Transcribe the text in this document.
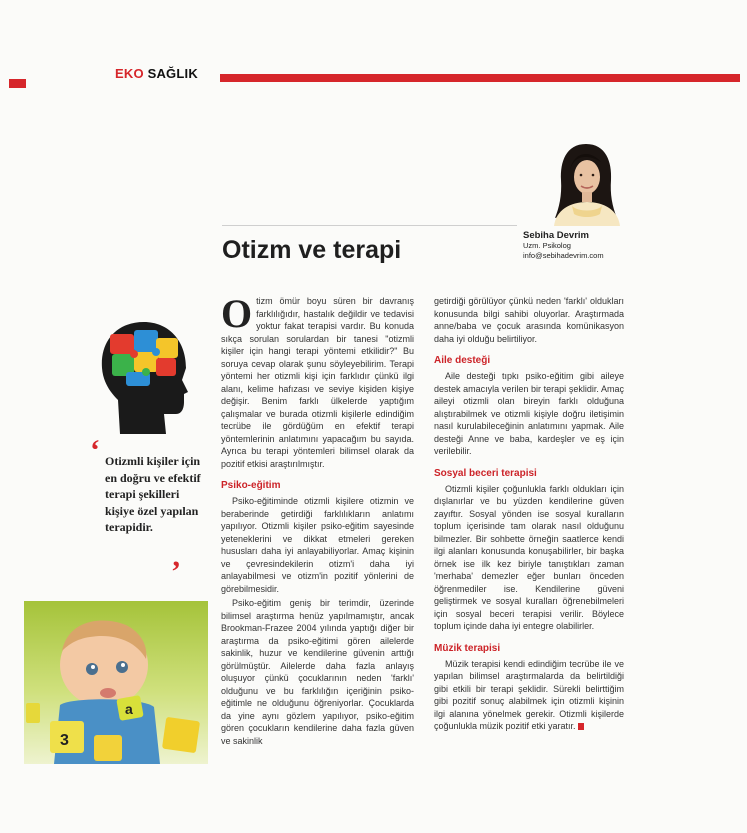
EKO SAĞLIK
Otizm ve terapi
Sebiha Devrim
Uzm. Psikolog
info@sebihadevrim.com
‘ Otizmli kişiler için en doğru ve efektif terapi şekilleri kişiye özel yapılan terapidir.
’
a
3

Otizm ömür boyu süren bir davranış farklılığıdır, hastalık değildir ve tedavisi yoktur fakat terapisi vardır. Bu konuda sıkça sorulan sorulardan bir tanesi "otizmli kişiler için hangi terapi yöntemi etkilidir?" Bu soruya cevap olarak şunu söyleyebilirim. Terapi yöntemi her otizmli kişi için farklıdır çünkü ilgi alanı, kelime hafızası ve seviye kişiden kişiye değişir. Benim farklı ülkelerde yaptığım çalışmalar ve burada otizmli kişilerle edindiğim tecrübe ile gördüğüm en efektif terapi yöntemlerinin anlatımını yapacağım bu sayıda. Ayrıca bu terapi yöntemleri bilimsel olarak da pozitif etkisi araştırılmıştır.

Psiko-eğitim

Psiko-eğitiminde otizmli kişilere otizmin ve beraberinde getirdiği farklılıkların anlatımı yapılıyor. Otizmli kişiler psiko-eğitim sayesinde yeteneklerini ve dikkat etmeleri gereken hususları daha iyi anlayabiliyorlar. Amaç kişinin ve çevresindekilerin otizm'i daha iyi anlayabilmesi ve otizm'in pozitif yönlerini de görebilmesidir.

Psiko-eğitim geniş bir terimdir, üzerinde bilimsel araştırma henüz yapılmamıştır, ancak Brookman-Frazee 2004 yılında yaptığı diğer bir araştırma da psiko-eğitimi gören ailelerde sakinlik, huzur ve kendilerine güvenin arttığı görülmüştür. Ailelerde daha fazla anlayış oluşuyor çünkü çocuklarının neden 'farklı' olduğunu ve bu farklılığın içeriğinin psiko-eğitimle ne olduğunu öğreniyorlar. Çocuklarda da yine aynı gözlem yapılıyor, psiko-eğitim gören çocukların kendilerine daha fazla güven ve sakinlik

getirdiği görülüyor çünkü neden 'farklı' oldukları konusunda bilgi sahibi oluyorlar. Araştırmada anne/baba ve çocuk arasında komünikasyon daha iyi olduğu belirtiliyor.

Aile desteği

Aile desteği tıpkı psiko-eğitim gibi aileye destek amacıyla verilen bir terapi şeklidir. Amaç aileyi otizmli olan bireyin farklı olduğuna alıştırabilmek ve otizmli kişiyle doğru iletişimin nasıl kurulabileceğinin anlatımını yapmak. Aile desteği Anne ve baba, kardeşler ve eş için verilebilir.

Sosyal beceri terapisi

Otizmli kişiler çoğunlukla farklı oldukları için dışlanırlar ve bu yüzden kendilerine güven zayıftır. Sosyal yönden ise sosyal kuralların toplum içerisinde tam olarak nasıl olduğunu bilmezler. Bir sohbette örneğin saatlerce kendi ilgi alanları konusunda konuşabilirler, bir başka örnek ise ilk kez biriyle tanıştıkları zaman 'merhaba' demezler eğer bunları önceden öğrenmediler ise. Kendilerine güveni geliştirmek ve sosyal kuralları öğrenebilmeleri için sosyal beceri terapisi verilir. Böylece toplum içinde daha iyi entegre olabilirler.

Müzik terapisi

Müzik terapisi kendi edindiğim tecrübe ile ve yapılan bilimsel araştırmalarda da belirtildiği gibi etkili bir terapi şeklidir. Sürekli belirttiğim gibi pozitif sonuç alabilmek için otizmli kişinin ilgi alanına yönelmek gerekir. Otizmli kişilerde çoğunlukla müzik pozitif etki yaratır.
